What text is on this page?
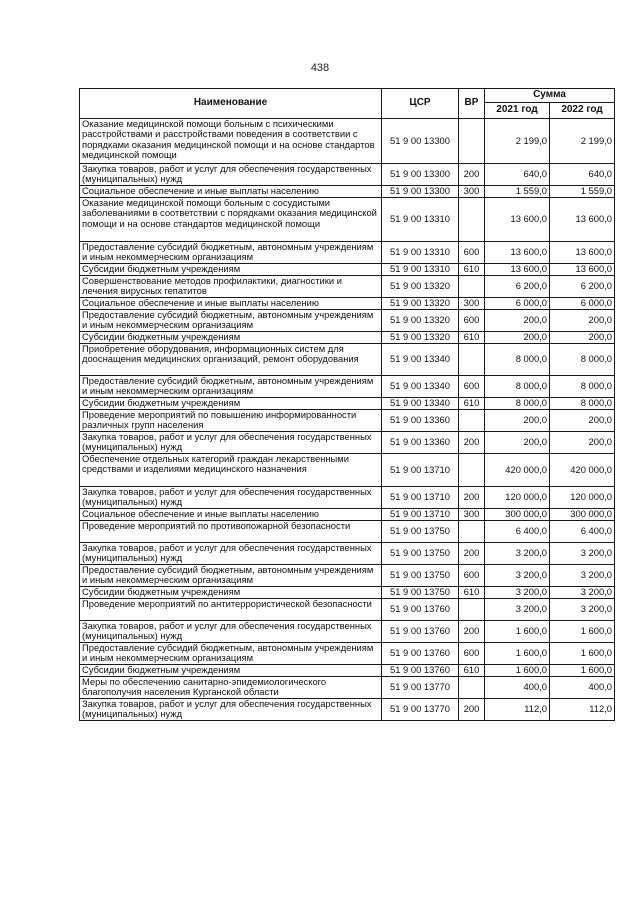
438
Наименование	ЦСР	ВР	Сумма	
			2021 год	2022 год
Оказание медицинской помощи больным с психическими расстройствами и расстройствами поведения в соответствии с порядками оказания медицинской помощи и на основе стандартов медицинской помощи	51 9 00 13300		2 199,0	2 199,0
Закупка товаров, работ и услуг для обеспечения государственных (муниципальных) нужд	51 9 00 13300	200	640,0	640,0
Социальное обеспечение и иные выплаты населению	51 9 00 13300	300	1 559,0	1 559,0
Оказание медицинской помощи больным с сосудистыми заболеваниями в соответствии с порядками оказания медицинской помощи и на основе стандартов медицинской помощи	51 9 00 13310		13 600,0	13 600,0
Предоставление субсидий бюджетным, автономным учреждениям и иным некоммерческим организациям	51 9 00 13310	600	13 600,0	13 600,0
Субсидии бюджетным учреждениям	51 9 00 13310	610	13 600,0	13 600,0
Совершенствование методов профилактики, диагностики и лечения вирусных гепатитов	51 9 00 13320		6 200,0	6 200,0
Социальное обеспечение и иные выплаты населению	51 9 00 13320	300	6 000,0	6 000,0
Предоставление субсидий бюджетным, автономным учреждениям и иным некоммерческим организациям	51 9 00 13320	600	200,0	200,0
Субсидии бюджетным учреждениям	51 9 00 13320	610	200,0	200,0
Приобретение оборудования, информационных систем для дооснащения медицинских организаций, ремонт оборудования	51 9 00 13340		8 000,0	8 000,0
Предоставление субсидий бюджетным, автономным учреждениям и иным некоммерческим организациям	51 9 00 13340	600	8 000,0	8 000,0
Субсидии бюджетным учреждениям	51 9 00 13340	610	8 000,0	8 000,0
Проведение мероприятий по повышению информированности различных групп населения	51 9 00 13360		200,0	200,0
Закупка товаров, работ и услуг для обеспечения государственных (муниципальных) нужд	51 9 00 13360	200	200,0	200,0
Обеспечение отдельных категорий граждан лекарственными средствами и изделиями медицинского назначения	51 9 00 13710		420 000,0	420 000,0
Закупка товаров, работ и услуг для обеспечения государственных (муниципальных) нужд	51 9 00 13710	200	120 000,0	120 000,0
Социальное обеспечение и иные выплаты населению	51 9 00 13710	300	300 000,0	300 000,0
Проведение мероприятий по противопожарной безопасности	51 9 00 13750		6 400,0	6 400,0
Закупка товаров, работ и услуг для обеспечения государственных (муниципальных) нужд	51 9 00 13750	200	3 200,0	3 200,0
Предоставление субсидий бюджетным, автономным учреждениям и иным некоммерческим организациям	51 9 00 13750	600	3 200,0	3 200,0
Субсидии бюджетным учреждениям	51 9 00 13750	610	3 200,0	3 200,0
Проведение мероприятий по антитеррористической безопасности	51 9 00 13760		3 200,0	3 200,0
Закупка товаров, работ и услуг для обеспечения государственных (муниципальных) нужд	51 9 00 13760	200	1 600,0	1 600,0
Предоставление субсидий бюджетным, автономным учреждениям и иным некоммерческим организациям	51 9 00 13760	600	1 600,0	1 600,0
Субсидии бюджетным учреждениям	51 9 00 13760	610	1 600,0	1 600,0
Меры по обеспечению санитарно-эпидемиологического благополучия населения Курганской области	51 9 00 13770		400,0	400,0
Закупка товаров, работ и услуг для обеспечения государственных (муниципальных) нужд	51 9 00 13770	200	112,0	112,0
